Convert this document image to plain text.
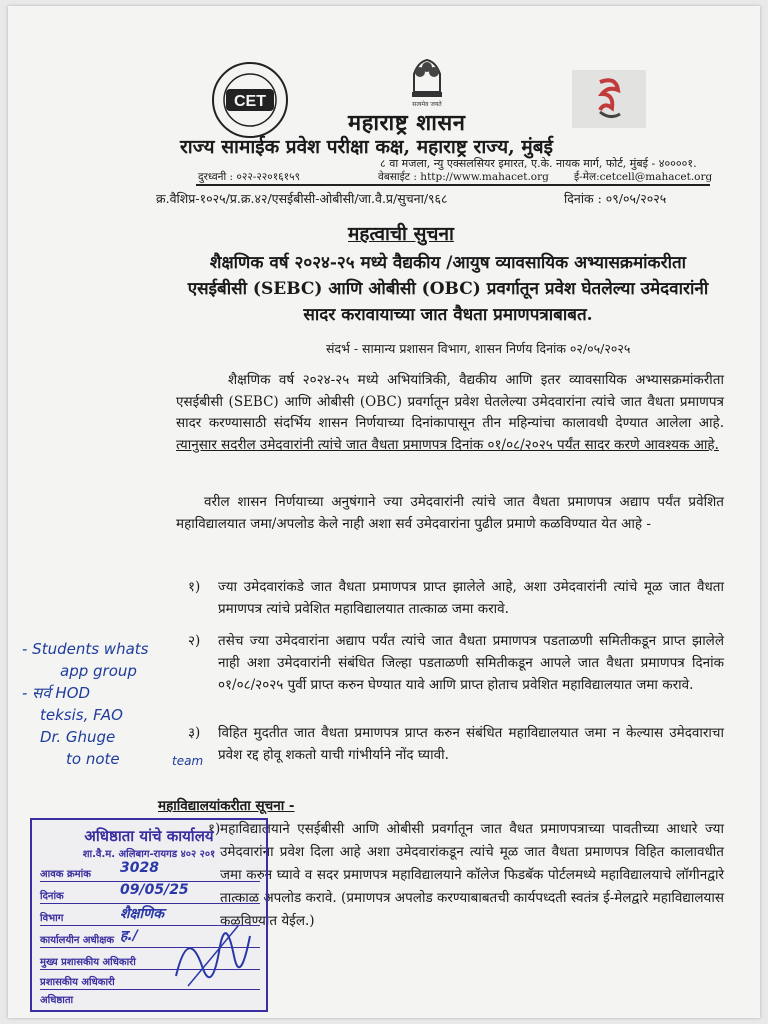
CET	सत्यमेव जयते
महाराष्ट्र शासन
राज्य सामाईक प्रवेश परीक्षा कक्ष, महाराष्ट्र राज्य, मुंबई
८ वा मजला, न्यु एक्सलसियर इमारत, ए.के. नायक मार्ग, फोर्ट, मुंबई - ४००००१.
दुरध्वनी : ०२२-२२०१६१५९	वेबसाईट : http://www.mahacet.org ई-मेल:cetcell@mahacet.org
क्र.वैशिप्र-१०२५/प्र.क्र.४२/एसईबीसी-ओबीसी/जा.वै.प्र/सुचना/९६८	दिनांक : ०९/०५/२०२५
महत्वाची सुचना
शैक्षणिक वर्ष २०२४-२५ मध्ये वैद्यकीय /आयुष व्यावसायिक अभ्यासक्रमांकरीता
एसईबीसी (SEBC) आणि ओबीसी (OBC) प्रवर्गातून प्रवेश घेतलेल्या उमेदवारांनी
सादर करावायाच्या जात वैधता प्रमाणपत्राबाबत.
संदर्भ - सामान्य प्रशासन विभाग, शासन निर्णय दिनांक ०२/०५/२०२५
शैक्षणिक वर्ष २०२४-२५ मध्ये अभियांत्रिकी, वैद्यकीय आणि इतर व्यावसायिक अभ्यासक्रमांकरीता एसईबीसी (SEBC) आणि ओबीसी (OBC) प्रवर्गातून प्रवेश घेतलेल्या उमेदवारांना त्यांचे जात वैधता प्रमाणपत्र सादर करण्यासाठी संदर्भिय शासन निर्णयाच्या दिनांकापासून तीन महिन्यांचा कालावधी देण्यात आलेला आहे. त्यानुसार सदरील उमेदवारांनी त्यांचे जात वैधता प्रमाणपत्र दिनांक ०१/०८/२०२५ पर्यंत सादर करणे आवश्यक आहे.
वरील शासन निर्णयाच्या अनुषंगाने ज्या उमेदवारांनी त्यांचे जात वैधता प्रमाणपत्र अद्याप पर्यंत प्रवेशित महाविद्यालयात जमा/अपलोड केले नाही अशा सर्व उमेदवारांना पुढील प्रमाणे कळविण्यात येत आहे -
१) ज्या उमेदवारांकडे जात वैधता प्रमाणपत्र प्राप्त झालेले आहे, अशा उमेदवारांनी त्यांचे मूळ जात वैधता प्रमाणपत्र त्यांचे प्रवेशित महाविद्यालयात तात्काळ जमा करावे.
२) तसेच ज्या उमेदवारांना अद्याप पर्यंत त्यांचे जात वैधता प्रमाणपत्र पडताळणी समितीकडून प्राप्त झालेले नाही अशा उमेदवारांनी संबंधित जिल्हा पडताळणी समितीकडून आपले जात वैधता प्रमाणपत्र दिनांक ०१/०८/२०२५ पुर्वी प्राप्त करुन घेण्यात यावे आणि प्राप्त होताच प्रवेशित महाविद्यालयात जमा करावे.
३) विहित मुदतीत जात वैधता प्रमाणपत्र प्राप्त करुन संबंधित महाविद्यालयात जमा न केल्यास उमेदवाराचा प्रवेश रद्द होवू शकतो याची गांभीर्याने नोंद घ्यावी.
महाविद्यालयांकरीता सूचना -
१) महाविद्यालयाने एसईबीसी आणि ओबीसी प्रवर्गातून जात वैधत प्रमाणपत्राच्या पावतीच्या आधारे ज्या उमेदवारांना प्रवेश दिला आहे अशा उमेदवारांकडून त्यांचे मूळ जात वैधता प्रमाणपत्र विहित कालावधीत जमा करुन घ्यावे व सदर प्रमाणपत्र महाविद्यालयाने कॉलेज फिडबॅक पोर्टलमध्ये महाविद्यालयाचे लॉगीनद्वारे तात्काळ अपलोड करावे. (प्रमाणपत्र अपलोड करण्याबाबतची कार्यपध्दती स्वतंत्र ई-मेलद्वारे महाविद्यालयास कळविण्यात येईल.)
- Students whats
app group
- सर्व HOD
teksis, FAO
Dr. Ghuge
to note	team
अधिष्ठाता यांचे कार्यालय
शा.वै.म. अलिबाग-रायगड ४०२ २०१
आवक क्रमांक 3028
दिनांक	09/05/25
विभाग	शैक्षणिक
कार्यालयीन अधीक्षक ह./
मुख्य प्रशासकीय अधिकारी
प्रशासकीय अधिकारी
अधिष्ठाता
